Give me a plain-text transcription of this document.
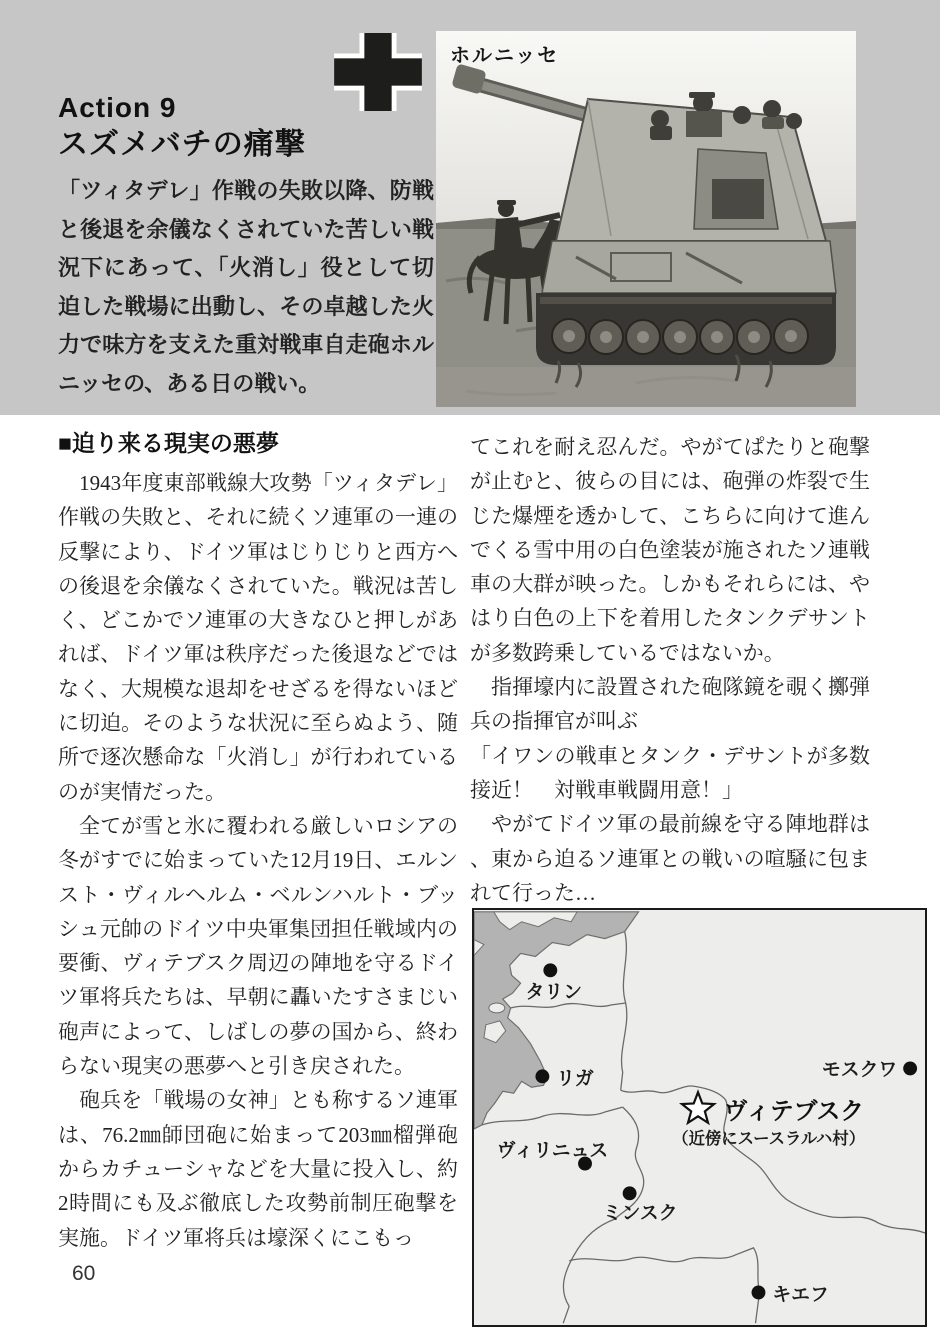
Action 9
スズメバチの痛撃
「ツィタデレ」作戦の失敗以降、防戦と後退を余儀なくされていた苦しい戦況下にあって、「火消し」役として切迫した戦場に出動し、その卓越した火力で味方を支えた重対戦車自走砲ホルニッセの、ある日の戦い。
ホルニッセ
■迫り来る現実の悪夢

　1943年度東部戦線大攻勢「ツィタデレ」作戦の失敗と、それに続くソ連軍の一連の反撃により、ドイツ軍はじりじりと西方への後退を余儀なくされていた。戦況は苦しく、どこかでソ連軍の大きなひと押しがあれば、ドイツ軍は秩序だった後退などではなく、大規模な退却をせざるを得ないほどに切迫。そのような状況に至らぬよう、随所で逐次懸命な「火消し」が行われているのが実情だった。

　全てが雪と氷に覆われる厳しいロシアの冬がすでに始まっていた12月19日、エルンスト・ヴィルヘルム・ベルンハルト・ブッシュ元帥のドイツ中央軍集団担任戦域内の要衝、ヴィテブスク周辺の陣地を守るドイツ軍将兵たちは、早朝に轟いたすさまじい砲声によって、しばしの夢の国から、終わらない現実の悪夢へと引き戻された。

　砲兵を「戦場の女神」とも称するソ連軍は、76.2㎜師団砲に始まって203㎜榴弾砲からカチューシャなどを大量に投入し、約2時間にも及ぶ徹底した攻勢前制圧砲撃を実施。ドイツ軍将兵は壕深くにこもっ

てこれを耐え忍んだ。やがてぱたりと砲撃が止むと、彼らの目には、砲弾の炸裂で生じた爆煙を透かして、こちらに向けて進んでくる雪中用の白色塗装が施されたソ連戦車の大群が映った。しかもそれらには、やはり白色の上下を着用したタンクデサントが多数跨乗しているではないか。

　指揮壕内に設置された砲隊鏡を覗く擲弾兵の指揮官が叫ぶ

「イワンの戦車とタンク・デサントが多数接近！　対戦車戦闘用意！」

　やがてドイツ軍の最前線を守る陣地群は、東から迫るソ連軍との戦いの喧騒に包まれて行った…

タリン
リガ
ヴィリニュス
ミンスク
モスクワ
キエフ
ヴィテブスク
（近傍にスースラルハ村）
60
